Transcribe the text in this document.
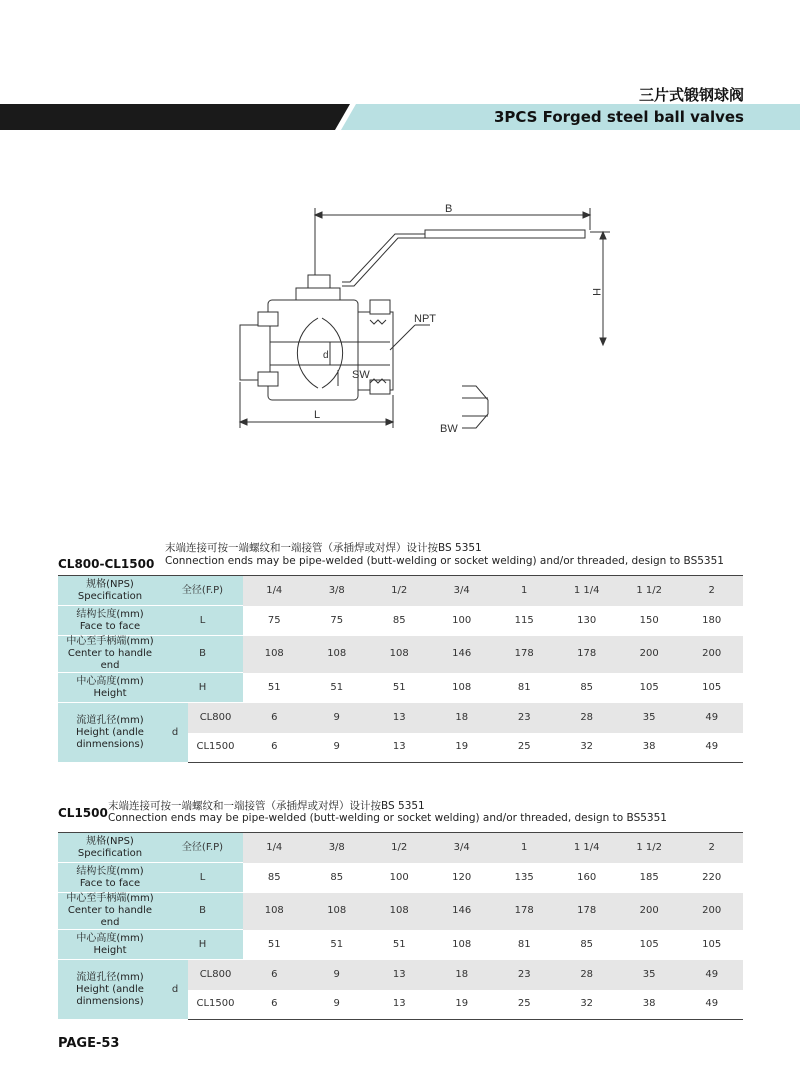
三片式锻钢球阀
3PCS Forged steel ball valves
B
H
d
NPT
SW
L
BW
末端连接可按一端螺纹和一端接管（承插焊或对焊）设计按BS 5351
CL800-CL1500 Connection ends may be pipe-welded (butt-welding or socket welding) and/or threaded, design to BS5351
规格(NPS)
Specification	全径(F.P)		1/4	3/8	1/2	3/4	1	1 1/4	1 1/2	2

结构长度(mm)
Face to face	L		75	75	85	100	115	130	150	180

中心至手柄端(mm)
Center to handle end	B		108	108	108	146	178	178	200	200

中心高度(mm)
Height	H		51	51	51	108	81	85	105	105

流道孔径(mm)
Height (andle
dinmensions)	d	CL800	6	9	13	18	23	28	35	49
		CL1500	6	9	13	19	25	32	38	49
末端连接可按一端螺纹和一端接管（承插焊或对焊）设计按BS 5351
CL1500 Connection ends may be pipe-welded (butt-welding or socket welding) and/or threaded, design to BS5351
规格(NPS)
Specification	全径(F.P)		1/4	3/8	1/2	3/4	1	1 1/4	1 1/2	2

结构长度(mm)
Face to face	L		85	85	100	120	135	160	185	220

中心至手柄端(mm)
Center to handle end	B		108	108	108	146	178	178	200	200

中心高度(mm)
Height	H		51	51	51	108	81	85	105	105

流道孔径(mm)
Height (andle
dinmensions)	d	CL800	6	9	13	18	23	28	35	49
		CL1500	6	9	13	19	25	32	38	49
PAGE-53
